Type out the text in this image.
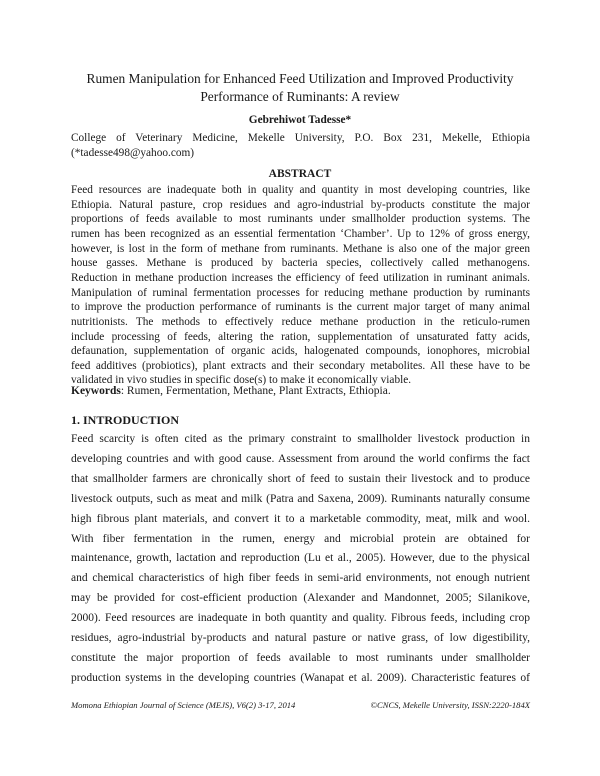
Rumen Manipulation for Enhanced Feed Utilization and Improved Productivity
Performance of Ruminants: A review
Gebrehiwot Tadesse*
College of Veterinary Medicine, Mekelle University, P.O. Box 231, Mekelle, Ethiopia
(*tadesse498@yahoo.com)
ABSTRACT
Feed resources are inadequate both in quality and quantity in most developing countries, like
Ethiopia. Natural pasture, crop residues and agro-industrial by-products constitute the major
proportions of feeds available to most ruminants under smallholder production systems. The
rumen has been recognized as an essential fermentation ‘Chamber’. Up to 12% of gross energy,
however, is lost in the form of methane from ruminants. Methane is also one of the major green
house gasses. Methane is produced by bacteria species, collectively called methanogens.
Reduction in methane production increases the efficiency of feed utilization in ruminant animals.
Manipulation of ruminal fermentation processes for reducing methane production by ruminants
to improve the production performance of ruminants is the current major target of many animal
nutritionists. The methods to effectively reduce methane production in the reticulo-rumen
include processing of feeds, altering the ration, supplementation of unsaturated fatty acids,
defaunation, supplementation of organic acids, halogenated compounds, ionophores, microbial
feed additives (probiotics), plant extracts and their secondary metabolites. All these have to be
validated in vivo studies in specific dose(s) to make it economically viable.
Keywords: Rumen, Fermentation, Methane, Plant Extracts, Ethiopia.
1. INTRODUCTION
Feed scarcity is often cited as the primary constraint to smallholder livestock production in
developing countries and with good cause. Assessment from around the world confirms the fact
that smallholder farmers are chronically short of feed to sustain their livestock and to produce
livestock outputs, such as meat and milk (Patra and Saxena, 2009). Ruminants naturally consume
high fibrous plant materials, and convert it to a marketable commodity, meat, milk and wool.
With fiber fermentation in the rumen, energy and microbial protein are obtained for
maintenance, growth, lactation and reproduction (Lu et al., 2005). However, due to the physical
and chemical characteristics of high fiber feeds in semi-arid environments, not enough nutrient
may be provided for cost-efficient production (Alexander and Mandonnet, 2005; Silanikove,
2000). Feed resources are inadequate in both quantity and quality. Fibrous feeds, including crop
residues, agro-industrial by-products and natural pasture or native grass, of low digestibility,
constitute the major proportion of feeds available to most ruminants under smallholder
production systems in the developing countries (Wanapat et al. 2009). Characteristic features of
Momona Ethiopian Journal of Science (MEJS), V6(2) 3-17, 2014	©CNCS, Mekelle University, ISSN:2220-184X
